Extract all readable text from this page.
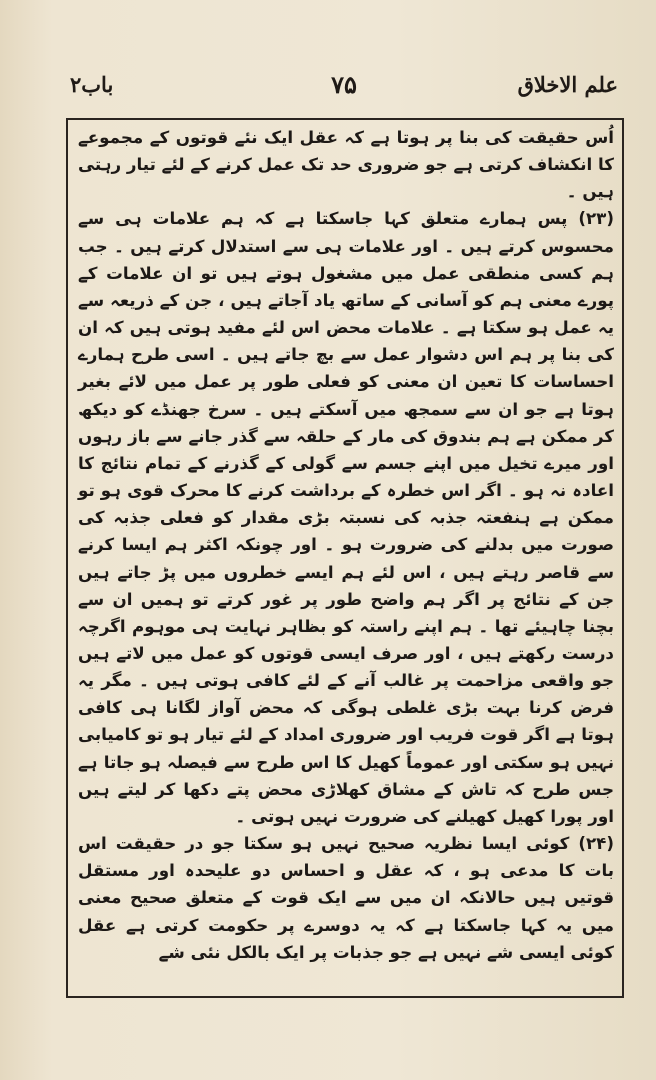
علم الاخلاق
۷۵
باب۲

اُس حقیقت کی بنا پر ہوتا ہے کہ عقل ایک نئے قوتوں کے مجموعے کا انکشاف کرتی ہے جو ضروری حد تک عمل کرنے کے لئے تیار رہتی ہیں ۔

(۲۳) پس ہمارے متعلق کہا جاسکتا ہے کہ ہم علامات ہی سے محسوس کرتے ہیں ۔ اور علامات ہی سے استدلال کرتے ہیں ۔ جب ہم کسی منطقی عمل میں مشغول ہوتے ہیں تو ان علامات کے پورے معنی ہم کو آسانی کے ساتھ یاد آجاتے ہیں ، جن کے ذریعہ سے یہ عمل ہو سکتا ہے ۔ علامات محض اس لئے مفید ہوتی ہیں کہ ان کی بنا پر ہم اس دشوار عمل سے بچ جاتے ہیں ۔ اسی طرح ہمارے احساسات کا تعین ان معنی کو فعلی طور پر عمل میں لائے بغیر ہوتا ہے جو ان سے سمجھ میں آسکتے ہیں ۔ سرخ جھنڈے کو دیکھ کر ممکن ہے ہم بندوق کی مار کے حلقہ سے گذر جانے سے باز رہوں اور میرے تخیل میں اپنے جسم سے گولی کے گذرنے کے تمام نتائج کا اعادہ نہ ہو ۔ اگر اس خطرہ کے برداشت کرنے کا محرک قوی ہو تو ممکن ہے ہنفعتہ جذبہ کی نسبتہ بڑی مقدار کو فعلی جذبہ کی صورت میں بدلنے کی ضرورت ہو ۔ اور چونکہ اکثر ہم ایسا کرنے سے قاصر رہتے ہیں ، اس لئے ہم ایسے خطروں میں پڑ جاتے ہیں جن کے نتائج پر اگر ہم واضح طور پر غور کرتے تو ہمیں ان سے بچنا چاہیئے تھا ۔ ہم اپنے راستہ کو بظاہر نہایت ہی موہوم اگرچہ درست رکھتے ہیں ، اور صرف ایسی قوتوں کو عمل میں لاتے ہیں جو واقعی مزاحمت پر غالب آنے کے لئے کافی ہوتی ہیں ۔ مگر یہ فرض کرنا بہت بڑی غلطی ہوگی کہ محض آواز لگانا ہی کافی ہوتا ہے اگر قوت فریب اور ضروری امداد کے لئے تیار ہو تو کامیابی نہیں ہو سکتی اور عموماً کھیل کا اس طرح سے فیصلہ ہو جاتا ہے جس طرح کہ تاش کے مشاق کھلاڑی محض پتے دکھا کر لیتے ہیں اور پورا کھیل کھیلنے کی ضرورت نہیں ہوتی ۔

(۲۴) کوئی ایسا نظریہ صحیح نہیں ہو سکتا جو در حقیقت اس بات کا مدعی ہو ، کہ عقل و احساس دو علیحدہ اور مستقل قوتیں ہیں حالانکہ ان میں سے ایک قوت کے متعلق صحیح معنی میں یہ کہا جاسکتا ہے کہ یہ دوسرے پر حکومت کرتی ہے عقل کوئی ایسی شے نہیں ہے جو جذبات پر ایک بالکل نئی شے
